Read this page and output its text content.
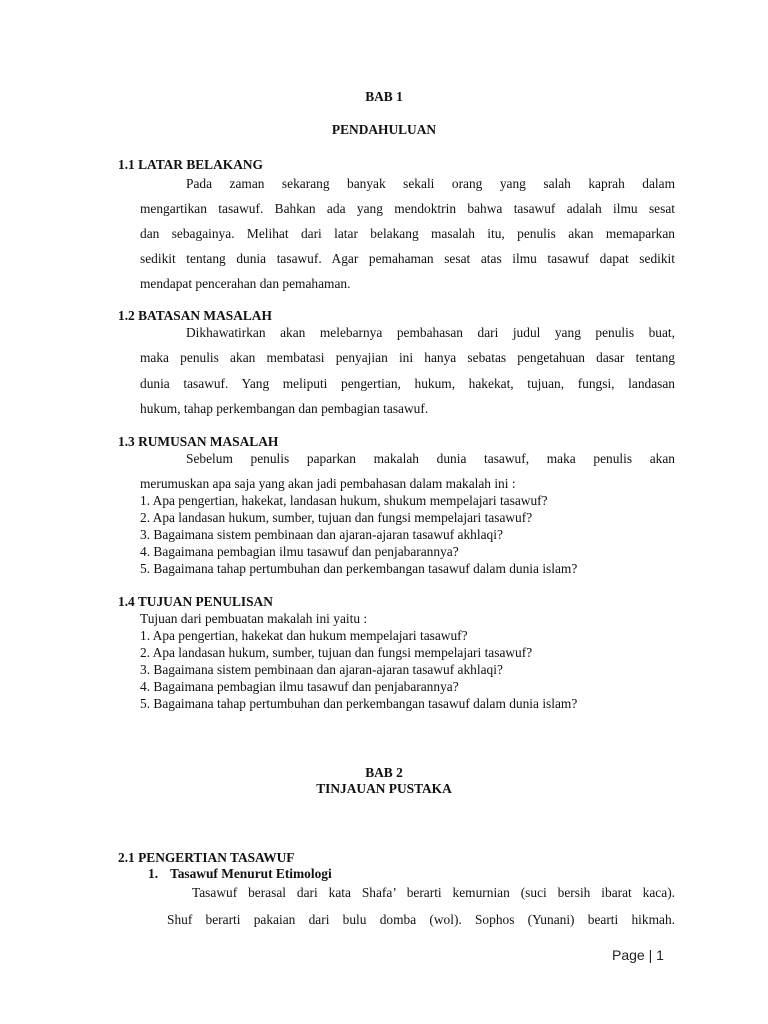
BAB 1
PENDAHULUAN
1.1 LATAR BELAKANG
Pada zaman sekarang banyak sekali orang yang salah kaprah dalam
mengartikan tasawuf. Bahkan ada yang mendoktrin bahwa tasawuf adalah ilmu sesat
dan sebagainya. Melihat dari latar belakang masalah itu, penulis akan memaparkan
sedikit tentang dunia tasawuf. Agar pemahaman sesat atas ilmu tasawuf dapat sedikit
mendapat pencerahan dan pemahaman.
1.2 BATASAN MASALAH
Dikhawatirkan akan melebarnya pembahasan dari judul yang penulis buat,
maka penulis akan membatasi penyajian ini hanya sebatas pengetahuan dasar tentang
dunia tasawuf. Yang meliputi pengertian, hukum, hakekat, tujuan, fungsi, landasan
hukum, tahap perkembangan dan pembagian tasawuf.
1.3 RUMUSAN MASALAH
Sebelum penulis paparkan makalah dunia tasawuf, maka penulis akan
merumuskan apa saja yang akan jadi pembahasan dalam makalah ini :
1. Apa pengertian, hakekat, landasan hukum, shukum mempelajari tasawuf?
2. Apa landasan hukum, sumber, tujuan dan fungsi mempelajari tasawuf?
3. Bagaimana sistem pembinaan dan ajaran-ajaran tasawuf akhlaqi?
4. Bagaimana pembagian ilmu tasawuf dan penjabarannya?
5. Bagaimana tahap pertumbuhan dan perkembangan tasawuf dalam dunia islam?
1.4 TUJUAN PENULISAN
Tujuan dari pembuatan makalah ini yaitu :
1. Apa pengertian, hakekat dan hukum mempelajari tasawuf?
2. Apa landasan hukum, sumber, tujuan dan fungsi mempelajari tasawuf?
3. Bagaimana sistem pembinaan dan ajaran-ajaran tasawuf akhlaqi?
4. Bagaimana pembagian ilmu tasawuf dan penjabarannya?
5. Bagaimana tahap pertumbuhan dan perkembangan tasawuf dalam dunia islam?
BAB 2
TINJAUAN PUSTAKA
2.1 PENGERTIAN TASAWUF
1. Tasawuf Menurut Etimologi
Tasawuf berasal dari kata Shafa’ berarti kemurnian (suci bersih ibarat kaca).
Shuf berarti pakaian dari bulu domba (wol). Sophos (Yunani) bearti hikmah.
Page | 1
